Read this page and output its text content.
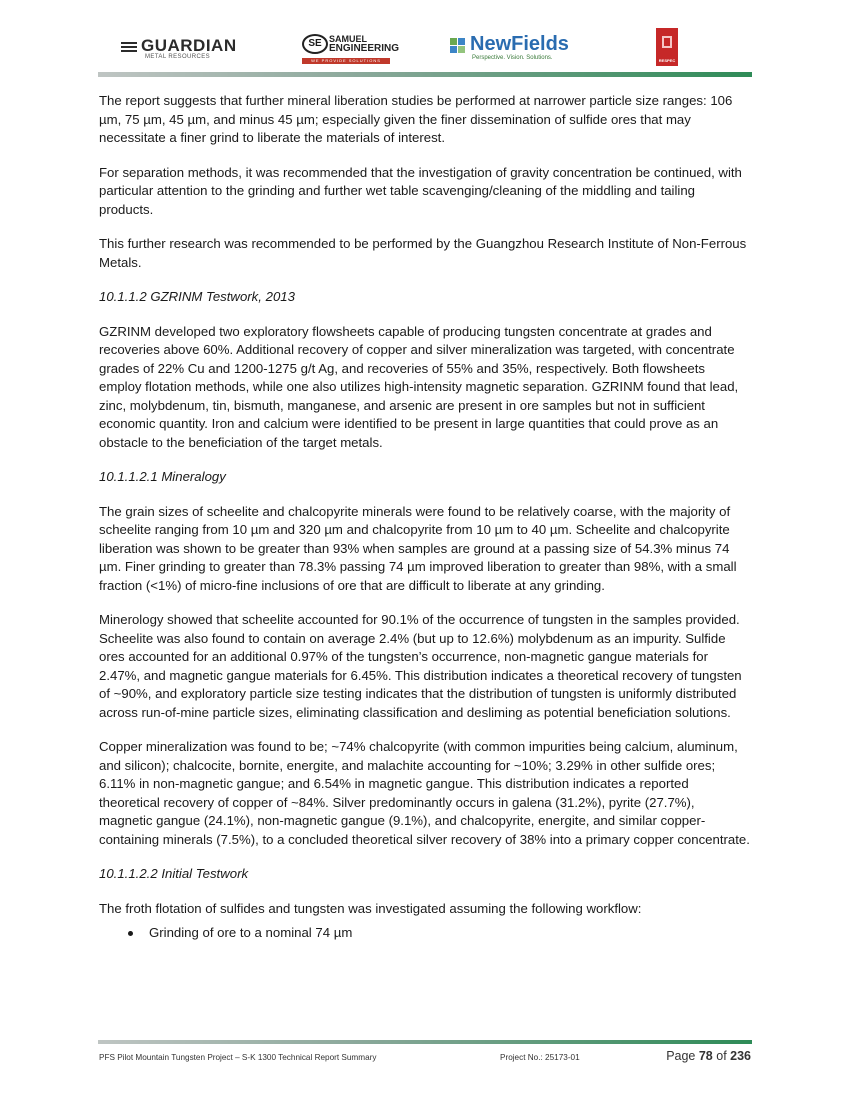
GUARDIAN
METAL RESOURCES
SE SAMUEL
ENGINEERING
WE PROVIDE SOLUTIONS
NewFields
Perspective. Vision. Solutions.	RESPEC

The report suggests that further mineral liberation studies be performed at narrower particle size ranges: 106 µm, 75 µm, 45 µm, and minus 45 µm; especially given the finer dissemination of sulfide ores that may necessitate a finer grind to liberate the materials of interest.

For separation methods, it was recommended that the investigation of gravity concentration be continued, with particular attention to the grinding and further wet table scavenging/cleaning of the middling and tailing products.

This further research was recommended to be performed by the Guangzhou Research Institute of Non-Ferrous Metals.

10.1.1.2 GZRINM Testwork, 2013

GZRINM developed two exploratory flowsheets capable of producing tungsten concentrate at grades and recoveries above 60%. Additional recovery of copper and silver mineralization was targeted, with concentrate grades of 22% Cu and 1200-1275 g/t Ag, and recoveries of 55% and 35%, respectively. Both flowsheets employ flotation methods, while one also utilizes high-intensity magnetic separation. GZRINM found that lead, zinc, molybdenum, tin, bismuth, manganese, and arsenic are present in ore samples but not in sufficient economic quantity. Iron and calcium were identified to be present in large quantities that could prove as an obstacle to the beneficiation of the target metals.

10.1.1.2.1 Mineralogy

The grain sizes of scheelite and chalcopyrite minerals were found to be relatively coarse, with the majority of scheelite ranging from 10 µm and 320 µm and chalcopyrite from 10 µm to 40 µm. Scheelite and chalcopyrite liberation was shown to be greater than 93% when samples are ground at a passing size of 54.3% minus 74 µm. Finer grinding to greater than 78.3% passing 74 µm improved liberation to greater than 98%, with a small fraction (<1%) of micro-fine inclusions of ore that are difficult to liberate at any grinding.

Minerology showed that scheelite accounted for 90.1% of the occurrence of tungsten in the samples provided. Scheelite was also found to contain on average 2.4% (but up to 12.6%) molybdenum as an impurity. Sulfide ores accounted for an additional 0.97% of the tungsten’s occurrence, non-magnetic gangue materials for 2.47%, and magnetic gangue materials for 6.45%. This distribution indicates a theoretical recovery of tungsten of ~90%, and exploratory particle size testing indicates that the distribution of tungsten is uniformly distributed across run-of-mine particle sizes, eliminating classification and desliming as potential beneficiation solutions.

Copper mineralization was found to be; ~74% chalcopyrite (with common impurities being calcium, aluminum, and silicon); chalcocite, bornite, energite, and malachite accounting for ~10%; 3.29% in other sulfide ores; 6.11% in non-magnetic gangue; and 6.54% in magnetic gangue. This distribution indicates a reported theoretical recovery of copper of ~84%. Silver predominantly occurs in galena (31.2%), pyrite (27.7%), magnetic gangue (24.1%), non-magnetic gangue (9.1%), and chalcopyrite, energite, and similar copper-containing minerals (7.5%), to a concluded theoretical silver recovery of 38% into a primary copper concentrate.

10.1.1.2.2 Initial Testwork

The froth flotation of sulfides and tungsten was investigated assuming the following workflow:

Grinding of ore to a nominal 74 µm
PFS Pilot Mountain Tungsten Project – S-K 1300 Technical Report Summary	Project No.: 25173-01	Page 78 of 236
